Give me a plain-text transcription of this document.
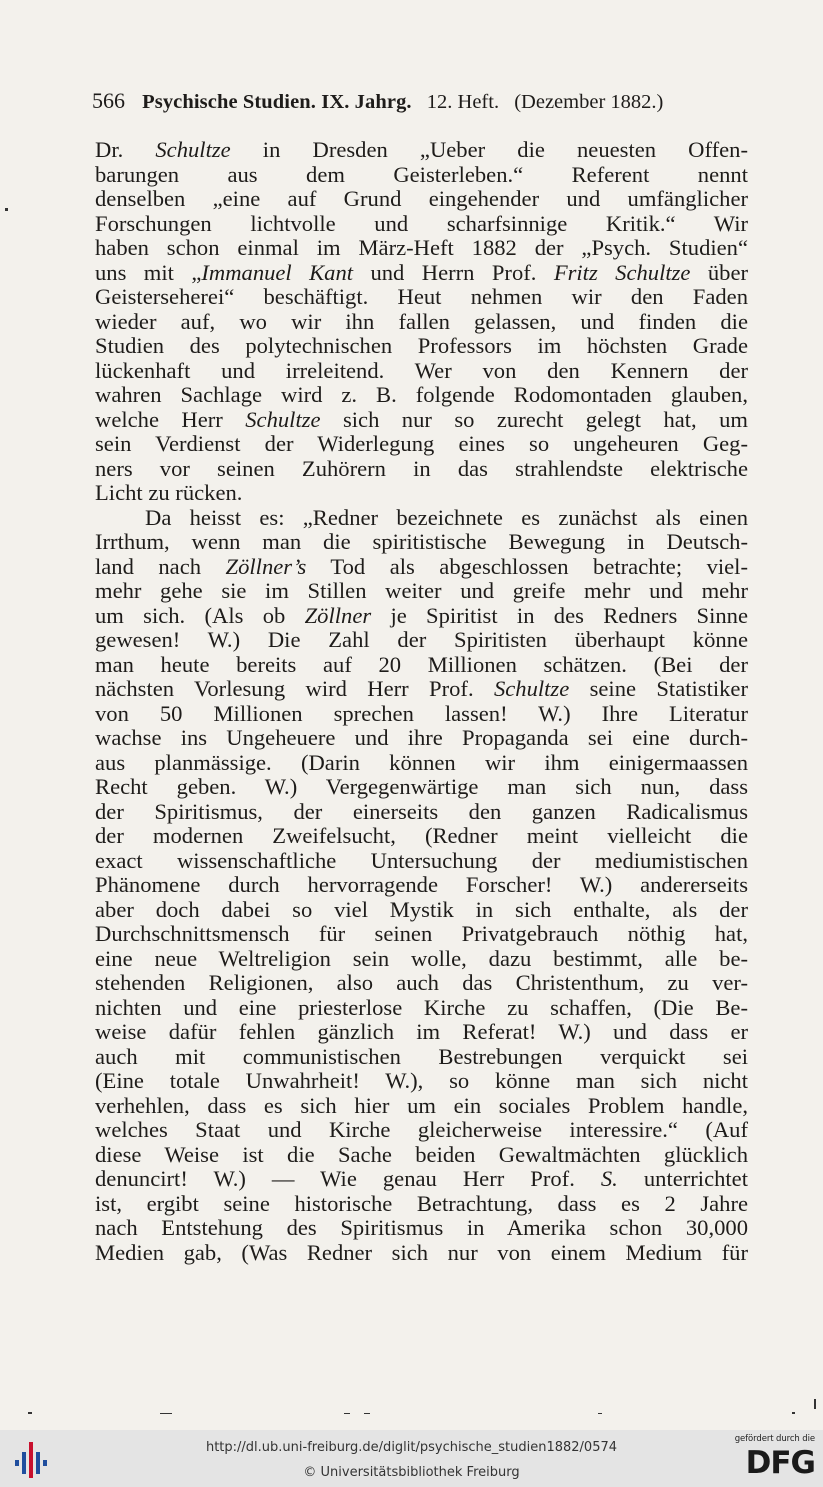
566 Psychische Studien. IX. Jahrg. 12. Heft. (Dezember 1882.)
Dr. Schultze in Dresden „Ueber die neuesten Offen-
barungen aus dem Geisterleben.“ Referent nennt
denselben „eine auf Grund eingehender und umfänglicher
Forschungen lichtvolle und scharfsinnige Kritik.“ Wir
haben schon einmal im März-Heft 1882 der „Psych. Studien“
uns mit „Immanuel Kant und Herrn Prof. Fritz Schultze über
Geisterseherei“ beschäftigt. Heut nehmen wir den Faden
wieder auf, wo wir ihn fallen gelassen, und finden die
Studien des polytechnischen Professors im höchsten Grade
lückenhaft und irreleitend. Wer von den Kennern der
wahren Sachlage wird z. B. folgende Rodomontaden glauben,
welche Herr Schultze sich nur so zurecht gelegt hat, um
sein Verdienst der Widerlegung eines so ungeheuren Geg-
ners vor seinen Zuhörern in das strahlendste elektrische
Licht zu rücken.
Da heisst es: „Redner bezeichnete es zunächst als einen
Irrthum, wenn man die spiritistische Bewegung in Deutsch-
land nach Zöllner’s Tod als abgeschlossen betrachte; viel-
mehr gehe sie im Stillen weiter und greife mehr und mehr
um sich. (Als ob Zöllner je Spiritist in des Redners Sinne
gewesen! W.) Die Zahl der Spiritisten überhaupt könne
man heute bereits auf 20 Millionen schätzen. (Bei der
nächsten Vorlesung wird Herr Prof. Schultze seine Statistiker
von 50 Millionen sprechen lassen! W.) Ihre Literatur
wachse ins Ungeheuere und ihre Propaganda sei eine durch-
aus planmässige. (Darin können wir ihm einigermaassen
Recht geben. W.) Vergegenwärtige man sich nun, dass
der Spiritismus, der einerseits den ganzen Radicalismus
der modernen Zweifelsucht, (Redner meint vielleicht die
exact wissenschaftliche Untersuchung der mediumistischen
Phänomene durch hervorragende Forscher! W.) andererseits
aber doch dabei so viel Mystik in sich enthalte, als der
Durchschnittsmensch für seinen Privatgebrauch nöthig hat,
eine neue Weltreligion sein wolle, dazu bestimmt, alle be-
stehenden Religionen, also auch das Christenthum, zu ver-
nichten und eine priesterlose Kirche zu schaffen, (Die Be-
weise dafür fehlen gänzlich im Referat! W.) und dass er
auch mit communistischen Bestrebungen verquickt sei
(Eine totale Unwahrheit! W.), so könne man sich nicht
verhehlen, dass es sich hier um ein sociales Problem handle,
welches Staat und Kirche gleicherweise interessire.“ (Auf
diese Weise ist die Sache beiden Gewaltmächten glücklich
denuncirt! W.) — Wie genau Herr Prof. S. unterrichtet
ist, ergibt seine historische Betrachtung, dass es 2 Jahre
nach Entstehung des Spiritismus in Amerika schon 30,000
Medien gab, (Was Redner sich nur von einem Medium für
http://dl.ub.uni-freiburg.de/diglit/psychische_studien1882/0574
© Universitätsbibliothek Freiburg
gefördert durch die
DFG
